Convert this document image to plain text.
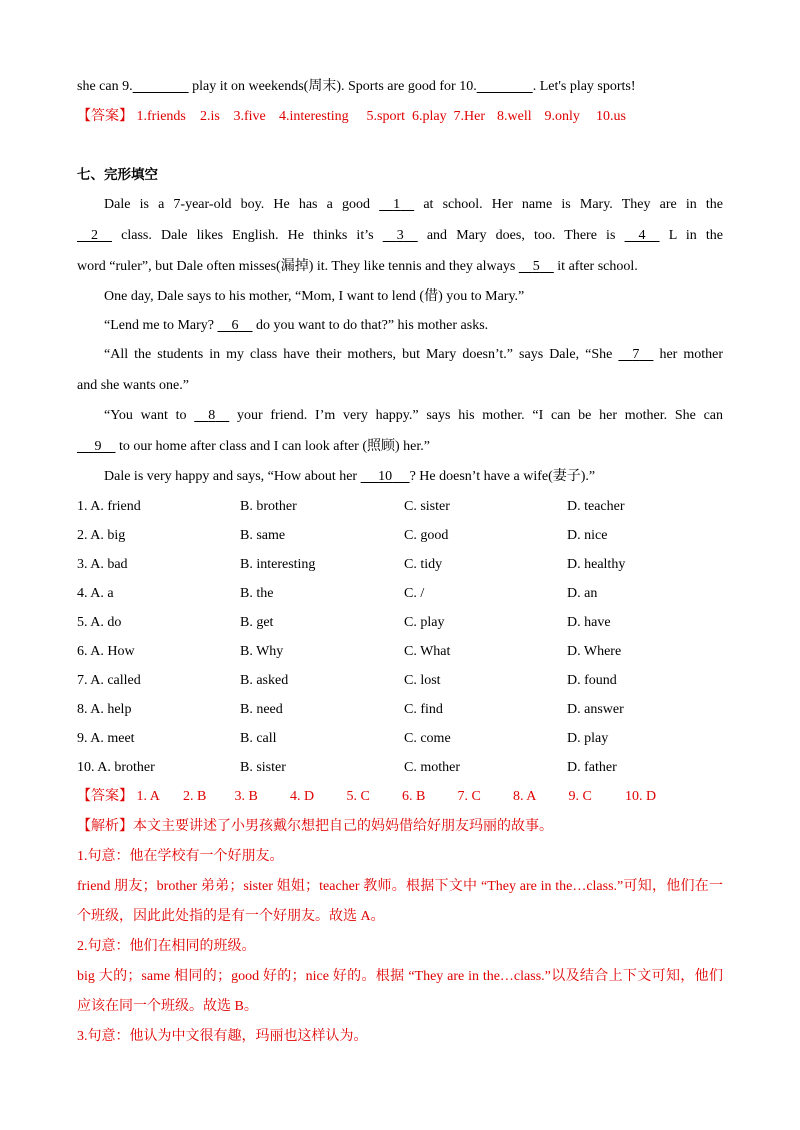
she can 9.	play it on weekends(周末). Sports are good for 10.	. Let's play sports!
【答案】 1.friends 2.is 3.five 4.interesting 5.sport 6.play 7.Her 8.well 9.only 10.us
七、完形填空
Dale is a 7-year-old boy. He has a good     1     at school. Her name is Mary. They are in the
2     class. Dale likes English. He thinks it’s     3     and Mary does, too. There is     4     L in the
word “ruler”, but Dale often misses(漏掉) it. They like tennis and they always     5     it after school.
One day, Dale says to his mother, “Mom, I want to lend (借) you to Mary.”
“Lend me to Mary?     6     do you want to do that?” his mother asks.
“All the students in my class have their mothers, but Mary doesn’t.” says Dale, “She     7     her mother
and she wants one.”
“You want to     8     your friend. I’m very happy.” says his mother. “I can be her mother. She can
9     to our home after class and I can look after (照顾) her.”
Dale is very happy and says, “How about her      10 ? He doesn’t have a wife(妻子).”
1. A. friend	B. brother	C. sister	D. teacher
2. A. big	B. same	C. good	D. nice
3. A. bad	B. interesting	C. tidy	D. healthy
4. A. a	B. the	C. /	D. an
5. A. do	B. get	C. play	D. have
6. A. How	B. Why	C. What	D. Where
7. A. called	B. asked	C. lost	D. found
8. A. help	B. need	C. find	D. answer
9. A. meet	B. call	C. come	D. play
10. A. brother	B. sister	C. mother	D. father
【答案】 1. A 2. B 3. B 4. D 5. C 6. B 7. C 8. A 9. C 10. D
【解析】本文主要讲述了小男孩戴尔想把自己的妈妈借给好朋友玛丽的故事。
1.句意：他在学校有一个好朋友。
friend 朋友；brother 弟弟；sister 姐姐；teacher 教师。根据下文中 “They are in the…class.”可知，他们在一
个班级，因此此处指的是有一个好朋友。故选 A。
2.句意：他们在相同的班级。
big 大的；same 相同的；good 好的；nice 好的。根据 “They are in the…class.”以及结合上下文可知，他们
应该在同一个班级。故选 B。
3.句意：他认为中文很有趣，玛丽也这样认为。
